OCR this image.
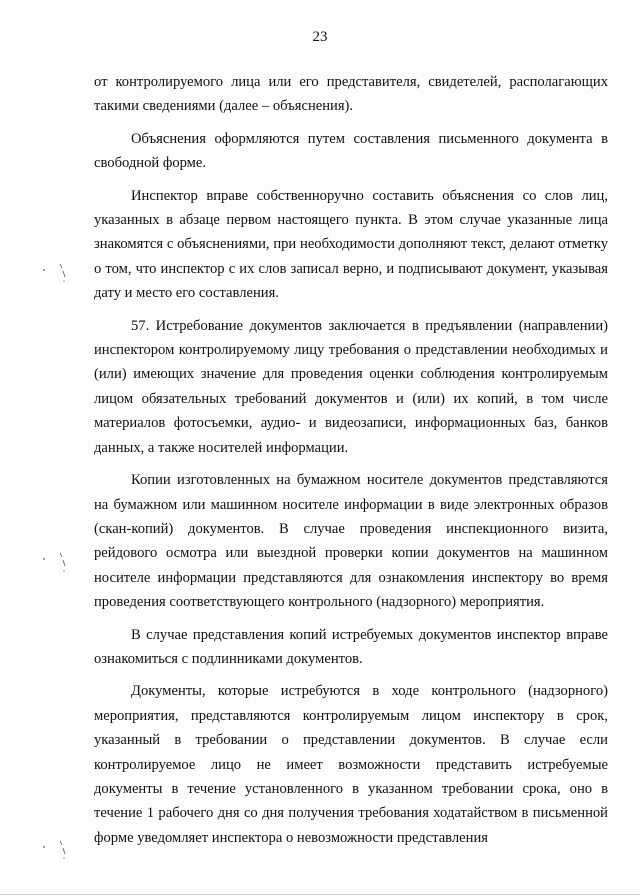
23

от контролируемого лица или его представителя, свидетелей, располагающих такими сведениями (далее – объяснения).

Объяснения оформляются путем составления письменного документа в свободной форме.

Инспектор вправе собственноручно составить объяснения со слов лиц, указанных в абзаце первом настоящего пункта. В этом случае указанные лица знакомятся с объяснениями, при необходимости дополняют текст, делают отметку о том, что инспектор с их слов записал верно, и подписывают документ, указывая дату и место его составления.

57. Истребование документов заключается в предъявлении (направлении) инспектором контролируемому лицу требования о представлении необходимых и (или) имеющих значение для проведения оценки соблюдения контролируемым лицом обязательных требований документов и (или) их копий, в том числе материалов фотосъемки, аудио- и видеозаписи, информационных баз, банков данных, а также носителей информации.

Копии изготовленных на бумажном носителе документов представляются на бумажном или машинном носителе информации в виде электронных образов (скан-копий) документов. В случае проведения инспекционного визита, рейдового осмотра или выездной проверки копии документов на машинном носителе информации представляются для ознакомления инспектору во время проведения соответствующего контрольного (надзорного) мероприятия.

В случае представления копий истребуемых документов инспектор вправе ознакомиться с подлинниками документов.

Документы, которые истребуются в ходе контрольного (надзорного) мероприятия, представляются контролируемым лицом инспектору в срок, указанный в требовании о представлении документов. В случае если контролируемое лицо не имеет возможности представить истребуемые документы в течение установленного в указанном требовании срока, оно в течение 1 рабочего дня со дня получения требования ходатайством в письменной форме уведомляет инспектора о невозможности представления
